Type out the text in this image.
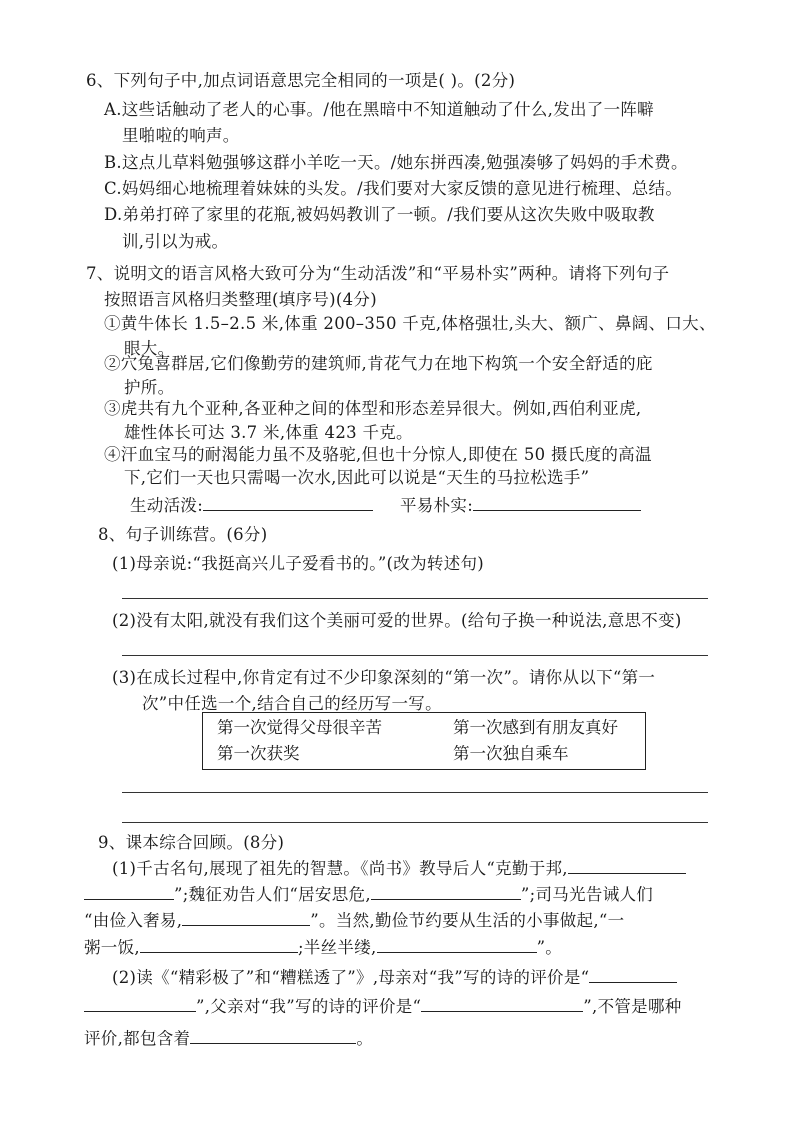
6、下列句子中,加点词语意思完全相同的一项是( )。(2分)
A.这些话触动了老人的心事。/他在黑暗中不知道触动了什么,发出了一阵噼
里啪啦的响声。
B.这点儿草料勉强够这群小羊吃一天。/她东拼西凑,勉强凑够了妈妈的手术费。
C.妈妈细心地梳理着妹妹的头发。/我们要对大家反馈的意见进行梳理、总结。
D.弟弟打碎了家里的花瓶,被妈妈教训了一顿。/我们要从这次失败中吸取教
训,引以为戒。
7、说明文的语言风格大致可分为“生动活泼”和“平易朴实”两种。请将下列句子
按照语言风格归类整理(填序号)(4分)
①黄牛体长 1.5–2.5 米,体重 200–350 千克,体格强壮,头大、额广、鼻阔、口大、
眼大。
②穴兔喜群居,它们像勤劳的建筑师,肯花气力在地下构筑一个安全舒适的庇
护所。
③虎共有九个亚种,各亚种之间的体型和形态差异很大。例如,西伯利亚虎,
雄性体长可达 3.7 米,体重 423 千克。
④汗血宝马的耐渴能力虽不及骆驼,但也十分惊人,即使在 50 摄氏度的高温
下,它们一天也只需喝一次水,因此可以说是“天生的马拉松选手”
生动活泼:	平易朴实:
8、句子训练营。(6分)
(1)母亲说:“我挺高兴儿子爱看书的。”(改为转述句)
(2)没有太阳,就没有我们这个美丽可爱的世界。(给句子换一种说法,意思不变)
(3)在成长过程中,你肯定有过不少印象深刻的“第一次”。请你从以下“第一
次”中任选一个,结合自己的经历写一写。
第一次觉得父母很辛苦	第一次感到有朋友真好
第一次获奖	第一次独自乘车
9、课本综合回顾。(8分)
(1)千古名句,展现了祖先的智慧。《尚书》教导后人“克勤于邦,
”;魏征劝告人们“居安思危,	”;司马光告诫人们
“由俭入奢易,	”。当然,勤俭节约要从生活的小事做起,“一
粥一饭,	;半丝半缕,	”。
(2)读《“精彩极了”和“糟糕透了”》,母亲对“我”写的诗的评价是“
”,父亲对“我”写的诗的评价是“	”,不管是哪种
评价,都包含着	。
